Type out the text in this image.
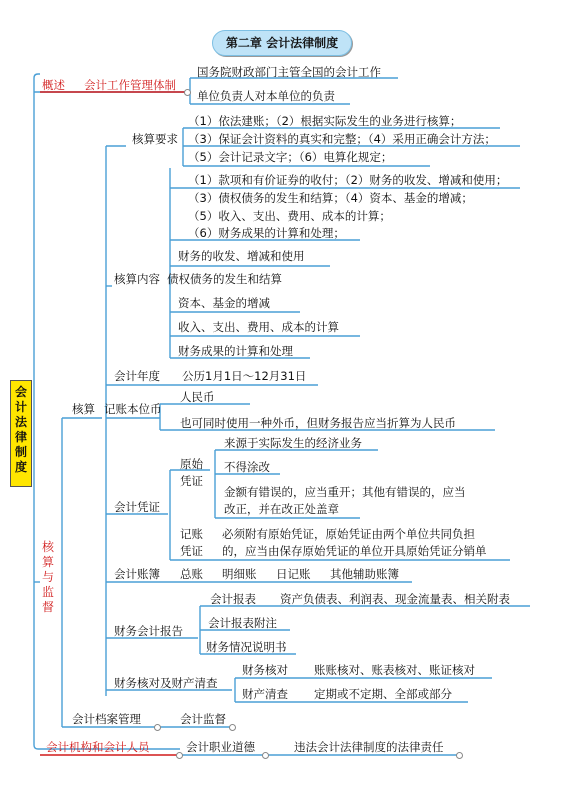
第二章 会计法律制度
会计法律制度
概述 会计工作管理体制
国务院财政部门主管全国的会计工作
单位负责人对本单位的负责
核算与监督
核算
核算要求
（1）依法建账；（2）根据实际发生的业务进行核算；
（3）保证会计资料的真实和完整；（4）采用正确会计方法；
（5）会计记录文字；（6）电算化规定；
（1）款项和有价证券的收付；（2）财务的收发、增减和使用；
（3）债权债务的发生和结算；（4）资本、基金的增减；
（5）收入、支出、费用、成本的计算；
（6）财务成果的计算和处理；
核算内容
财务的收发、增减和使用
债权债务的发生和结算
资本、基金的增减
收入、支出、费用、成本的计算
财务成果的计算和处理
会计年度 公历1月1日～12月31日
记账本位币
人民币
也可同时使用一种外币，但财务报告应当折算为人民币
会计凭证
原始凭证
来源于实际发生的经济业务
不得涂改
金额有错误的，应当重开；其他有错误的，应当
改正，并在改正处盖章
记账凭证
必须附有原始凭证，原始凭证由两个单位共同负担
的，应当由保存原始凭证的单位开具原始凭证分销单
会计账簿 总账 明细账 日记账 其他辅助账簿
财务会计报告
会计报表 资产负债表、利润表、现金流量表、相关附表
会计报表附注
财务情况说明书
财务核对及财产清查
财务核对 账账核对、账表核对、账证核对
财产清查 定期或不定期、全部或部分
会计档案管理	会计监督
会计机构和会计人员	会计职业道德	违法会计法律制度的法律责任
